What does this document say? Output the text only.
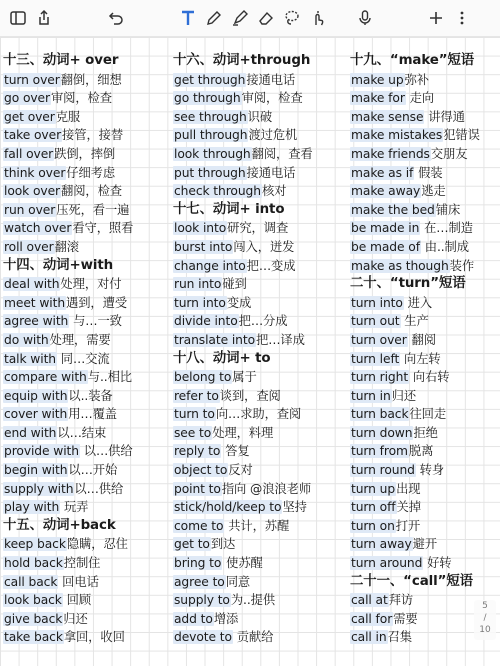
十三、动词+ over
turn over翻倒，细想
go over审阅，检查
get over克服
take over接管，接替
fall over跌倒，摔倒
think over仔细考虑
look over翻阅，检查
run over压死，看一遍
watch over看守，照看
roll over翻滚
十四、动词+with
deal with处理，对付
meet with遇到，遭受
agree with 与…一致
do with处理，需要
talk with 同…交流
compare with与..相比
equip with以..装备
cover with用…覆盖
end with以…结束
provide with 以…供给
begin with以…开始
supply with以…供给
play with 玩弄
十五、动词+back
keep back隐瞒，忍住
hold back控制住
call back 回电话
look back 回顾
give back归还
take back拿回，收回
十六、动词+through
get through接通电话
go through审阅，检查
see through识破
pull through渡过危机
look through翻阅，查看
put through接通电话
check through核对
十七、动词+ into
look into研究，调查
burst into闯入，迸发
change into把…变成
run into碰到
turn into变成
divide into把…分成
translate into把…译成
十八、动词+ to
belong to属于
refer to谈到，查阅
turn to向…求助，查阅
see to处理，料理
reply to 答复
object to反对
point to指向 @浪浪老师
stick/hold/keep to坚持
come to 共计，苏醒
get to到达
bring to 使苏醒
agree to同意
supply to为..提供
add to增添
devote to 贡献给
十九、“make”短语
make up弥补
make for 走向
make sense 讲得通
make mistakes犯错误
make friends交朋友
make as if 假装
make away逃走
make the bed铺床
be made in 在…制造
be made of 由..制成
make as though装作
二十、“turn”短语
turn into 进入
turn out 生产
turn over 翻阅
turn left 向左转
turn right 向右转
turn in归还
turn back往回走
turn down拒绝
turn from脱离
turn round 转身
turn up出现
turn off关掉
turn on打开
turn away避开
turn around 好转
二十一、“call”短语
call at拜访
call for需要
call in召集
5
/
10
